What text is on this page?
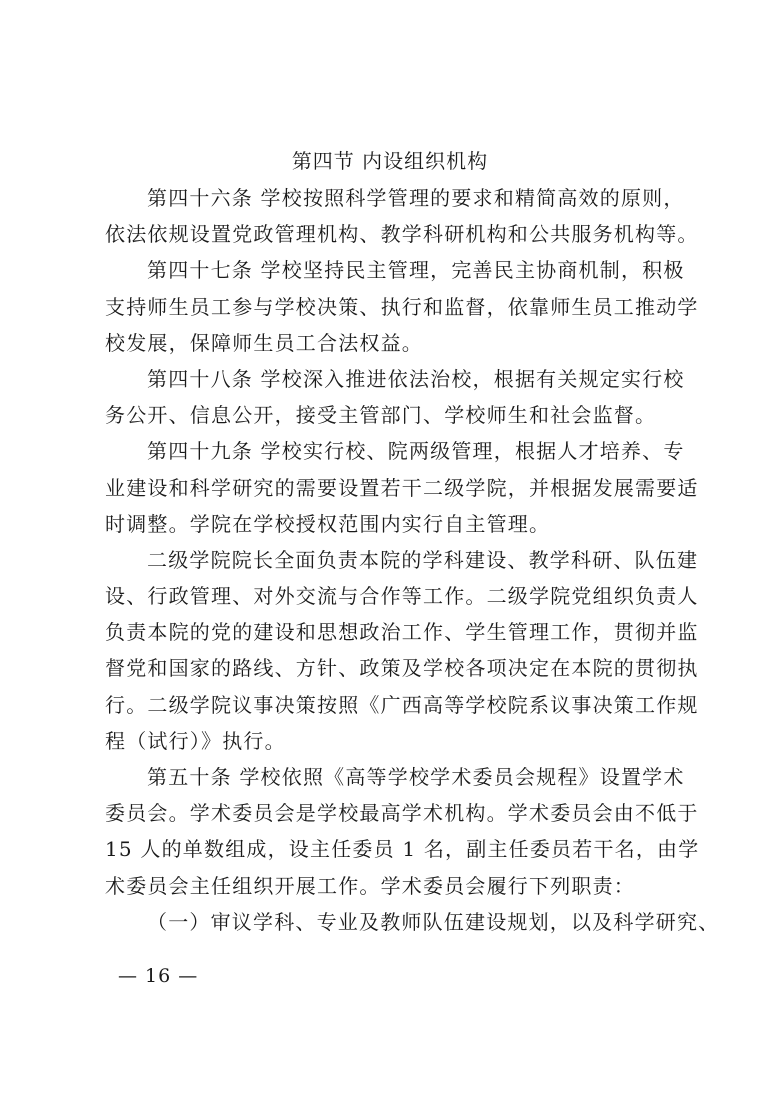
第四节 内设组织机构
第四十六条 学校按照科学管理的要求和精简高效的原则，
依法依规设置党政管理机构、教学科研机构和公共服务机构等。
第四十七条 学校坚持民主管理，完善民主协商机制，积极
支持师生员工参与学校决策、执行和监督，依靠师生员工推动学
校发展，保障师生员工合法权益。
第四十八条 学校深入推进依法治校，根据有关规定实行校
务公开、信息公开，接受主管部门、学校师生和社会监督。
第四十九条 学校实行校、院两级管理，根据人才培养、专
业建设和科学研究的需要设置若干二级学院，并根据发展需要适
时调整。学院在学校授权范围内实行自主管理。
二级学院院长全面负责本院的学科建设、教学科研、队伍建
设、行政管理、对外交流与合作等工作。二级学院党组织负责人
负责本院的党的建设和思想政治工作、学生管理工作，贯彻并监
督党和国家的路线、方针、政策及学校各项决定在本院的贯彻执
行。二级学院议事决策按照《广西高等学校院系议事决策工作规
程（试行）》执行。
第五十条 学校依照《高等学校学术委员会规程》设置学术
委员会。学术委员会是学校最高学术机构。学术委员会由不低于
15 人的单数组成，设主任委员 1 名，副主任委员若干名，由学
术委员会主任组织开展工作。学术委员会履行下列职责：
（一）审议学科、专业及教师队伍建设规划，以及科学研究、
— 16 —
